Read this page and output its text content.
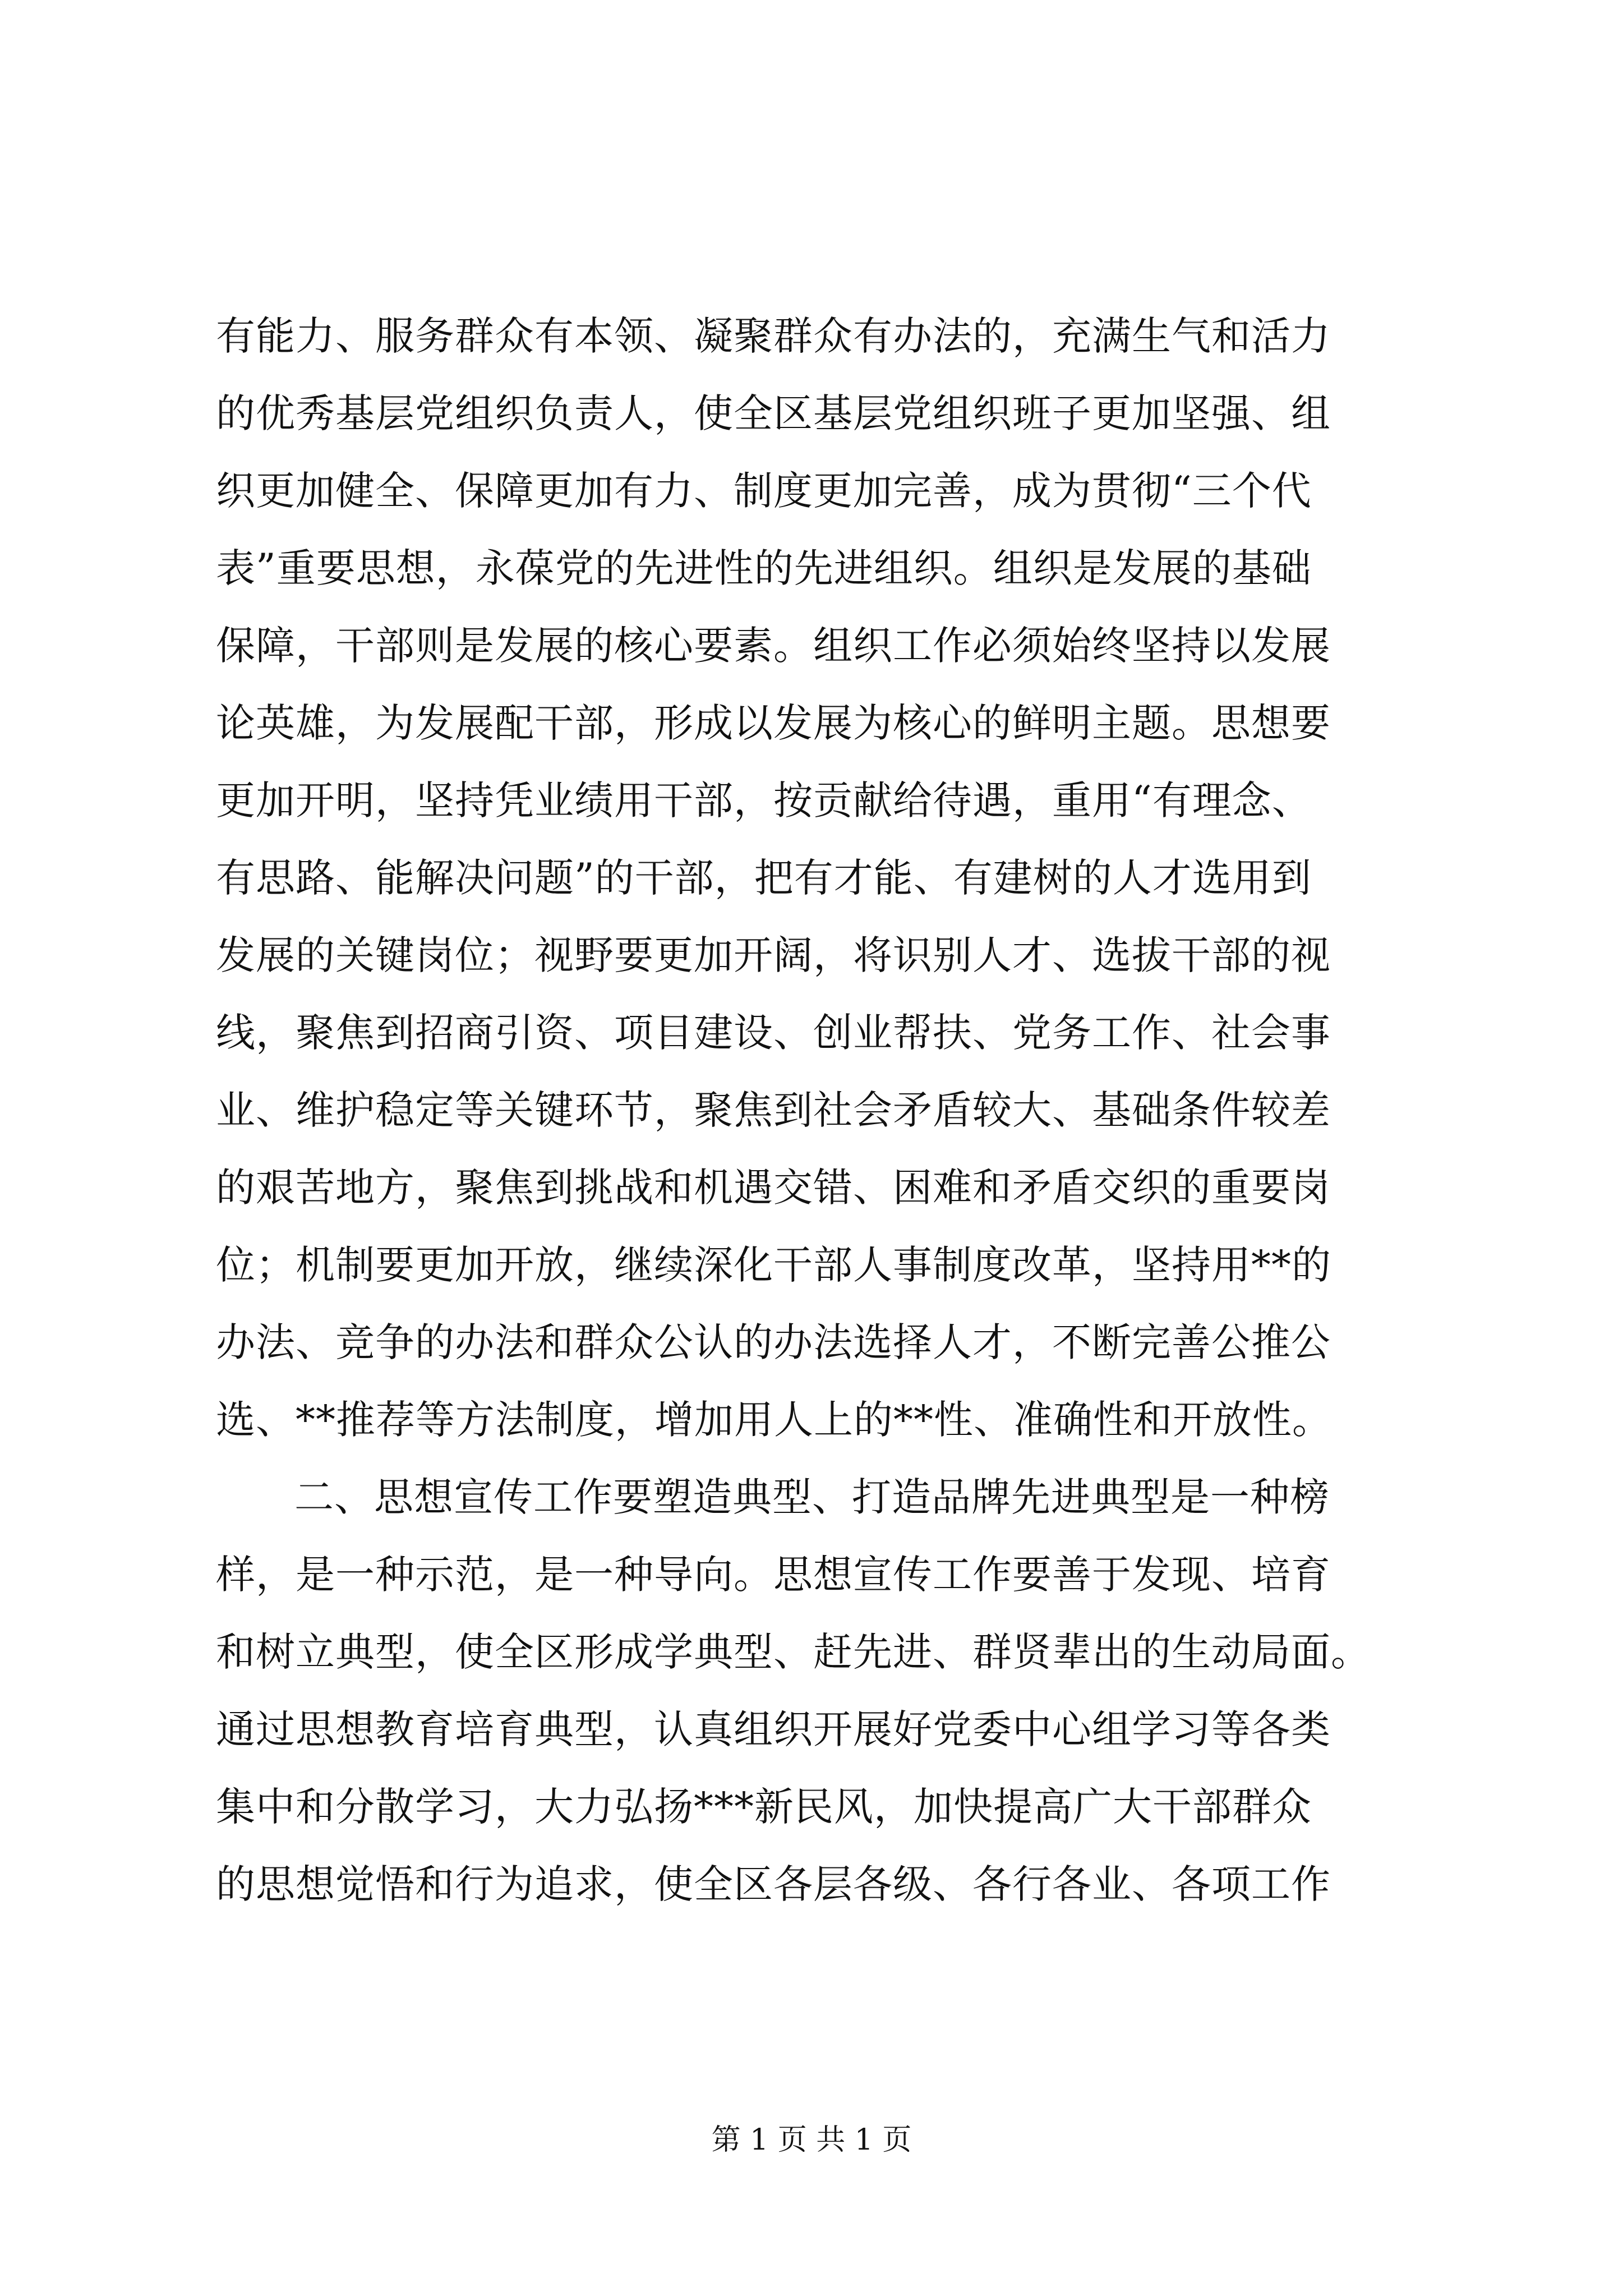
有能力、服务群众有本领、凝聚群众有办法的，充满生气和活力
的优秀基层党组织负责人，使全区基层党组织班子更加坚强、组
织更加健全、保障更加有力、制度更加完善，成为贯彻“三个代
表”重要思想，永葆党的先进性的先进组织。组织是发展的基础
保障，干部则是发展的核心要素。组织工作必须始终坚持以发展
论英雄，为发展配干部，形成以发展为核心的鲜明主题。思想要
更加开明，坚持凭业绩用干部，按贡献给待遇，重用“有理念、
有思路、能解决问题”的干部，把有才能、有建树的人才选用到
发展的关键岗位；视野要更加开阔，将识别人才、选拔干部的视
线，聚焦到招商引资、项目建设、创业帮扶、党务工作、社会事
业、维护稳定等关键环节，聚焦到社会矛盾较大、基础条件较差
的艰苦地方，聚焦到挑战和机遇交错、困难和矛盾交织的重要岗
位；机制要更加开放，继续深化干部人事制度改革，坚持用**的
办法、竞争的办法和群众公认的办法选择人才，不断完善公推公
选、**推荐等方法制度，增加用人上的**性、准确性和开放性。
二、思想宣传工作要塑造典型、打造品牌先进典型是一种榜
样，是一种示范，是一种导向。思想宣传工作要善于发现、培育
和树立典型，使全区形成学典型、赶先进、群贤辈出的生动局面。
通过思想教育培育典型，认真组织开展好党委中心组学习等各类
集中和分散学习，大力弘扬***新民风，加快提高广大干部群众
的思想觉悟和行为追求，使全区各层各级、各行各业、各项工作
第 1 页 共 1 页
